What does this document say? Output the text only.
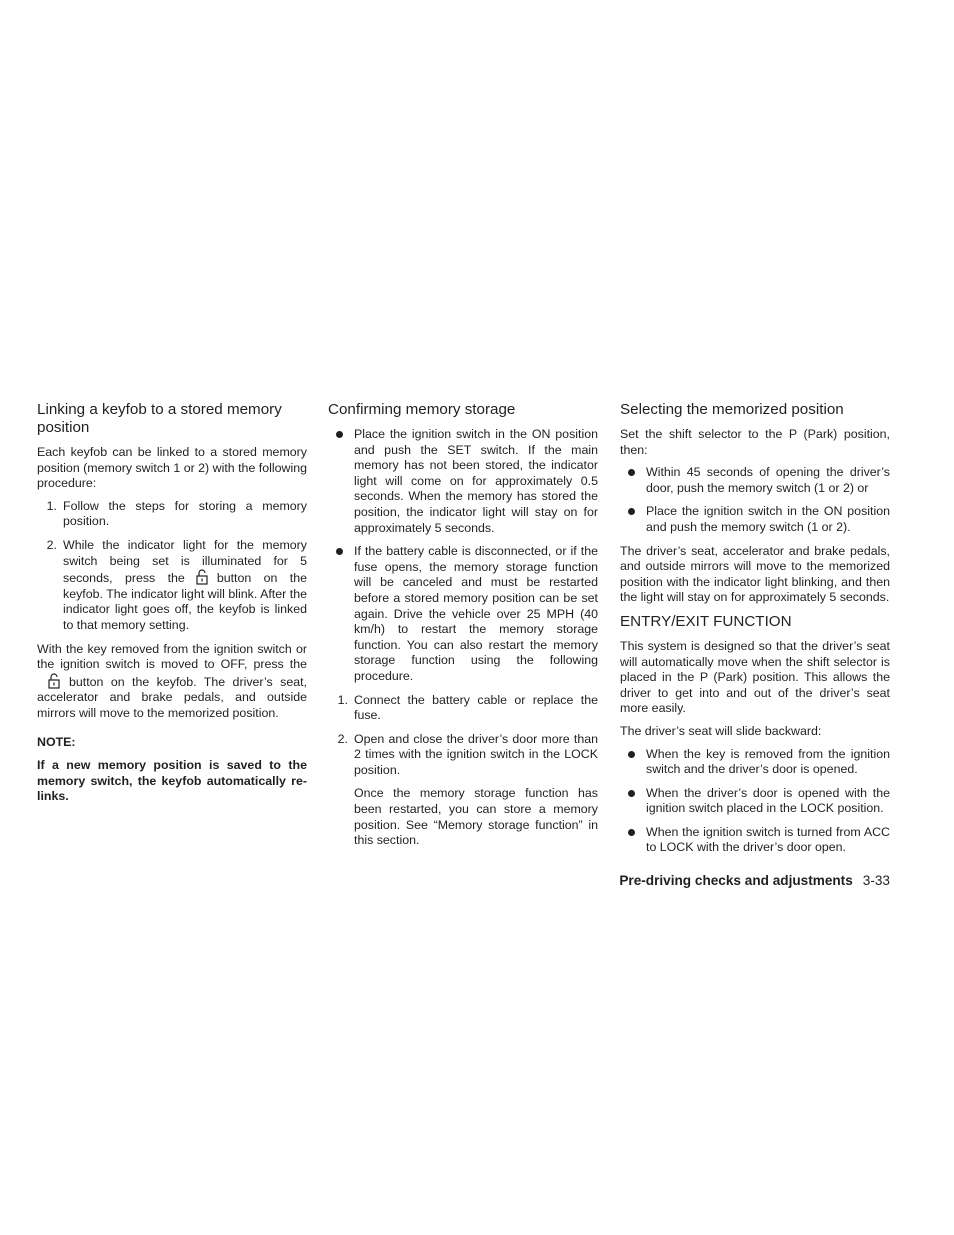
Linking a keyfob to a stored memory position

Each keyfob can be linked to a stored memory position (memory switch 1 or 2) with the following procedure:

1. Follow the steps for storing a memory position.
2. While the indicator light for the memory switch being set is illuminated for 5 seconds, press the	button on the keyfob. The indicator light will blink. After the indicator light goes off, the keyfob is linked to that memory setting.

With the key removed from the ignition switch or the ignition switch is moved to OFF, press thebutton on the keyfob. The driver’s seat, accelerator and brake pedals, and outside mirrors will move to the memorized position.

NOTE:

If a new memory position is saved to the memory switch, the keyfob automatically re-links.

Confirming memory storage
Place the ignition switch in the ON position and push the SET switch. If the main memory has not been stored, the indicator light will come on for approximately 0.5 seconds. When the memory has stored the position, the indicator light will stay on for approximately 5 seconds.
If the battery cable is disconnected, or if the fuse opens, the memory storage function will be canceled and must be restarted before a stored memory position can be set again. Drive the vehicle over 25 MPH (40 km/h) to restart the memory storage function. You can also restart the memory storage function using the following procedure.
1. Connect the battery cable or replace the fuse.
2. Open and close the driver’s door more than 2 times with the ignition switch in the LOCK position.

Once the memory storage function has been restarted, you can store a memory position. See “Memory storage function” in this section.

Selecting the memorized position

Set the shift selector to the P (Park) position, then:

Within 45 seconds of opening the driver’s door, push the memory switch (1 or 2) or
Place the ignition switch in the ON position and push the memory switch (1 or 2).

The driver’s seat, accelerator and brake pedals, and outside mirrors will move to the memorized position with the indicator light blinking, and then the light will stay on for approximately 5 seconds.

ENTRY/EXIT FUNCTION

This system is designed so that the driver’s seat will automatically move when the shift selector is placed in the P (Park) position. This allows the driver to get into and out of the driver’s seat more easily.

The driver’s seat will slide backward:

When the key is removed from the ignition switch and the driver’s door is opened.
When the driver’s door is opened with the ignition switch placed in the LOCK position.
When the ignition switch is turned from ACC to LOCK with the driver’s door open.
Pre-driving checks and adjustments 3-33
